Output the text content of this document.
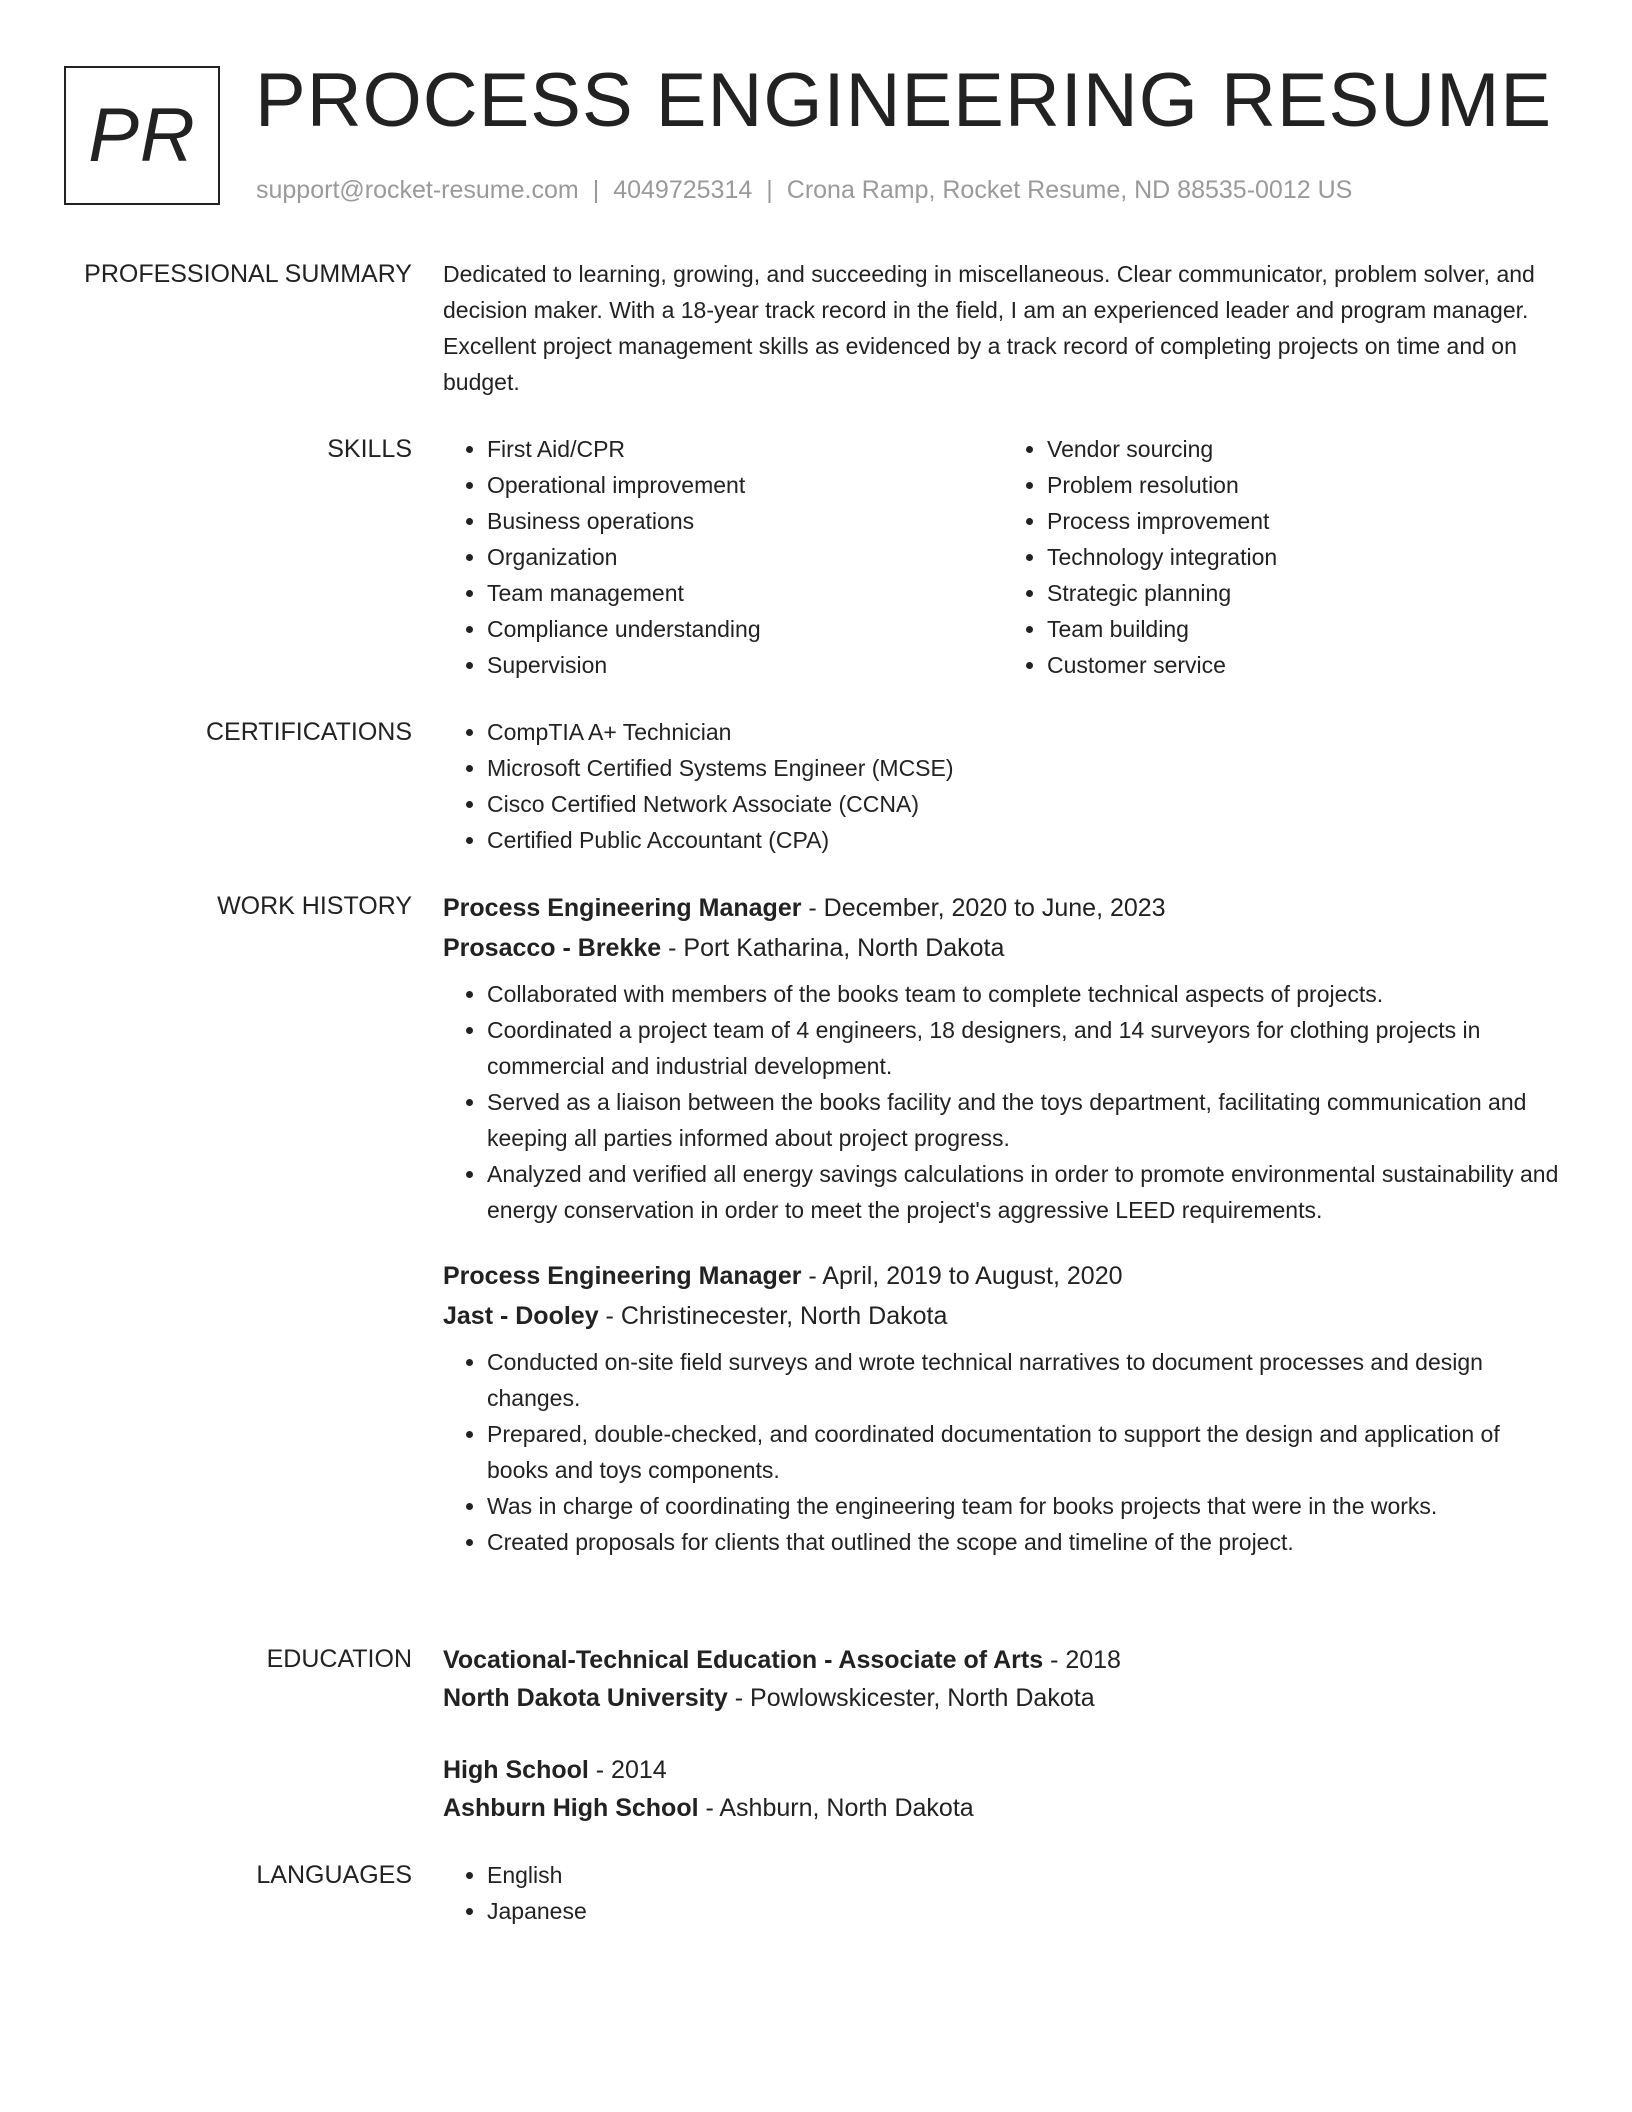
PR PROCESS ENGINEERING RESUME
support@rocket-resume.com | 4049725314 | Crona Ramp, Rocket Resume, ND 88535-0012 US
PROFESSIONAL SUMMARY Dedicated to learning, growing, and succeeding in miscellaneous. Clear communicator, problem solver, and decision maker. With a 18-year track record in the field, I am an experienced leader and program manager. Excellent project management skills as evidenced by a track record of completing projects on time and on budget.

SKILLS	• First Aid/CPR
• Operational improvement
• Business operations
• Organization
• Team management
• Compliance understanding
• Supervision
• Vendor sourcing
• Problem resolution
• Process improvement
• Technology integration
• Strategic planning
• Team building
• Customer service
CERTIFICATIONS	• CompTIA A+ Technician
• Microsoft Certified Systems Engineer (MCSE)
• Cisco Certified Network Associate (CCNA)
• Certified Public Accountant (CPA)
WORK HISTORY Process Engineering Manager - December, 2020 to June, 2023
Prosacco - Brekke - Port Katharina, North Dakota
• Collaborated with members of the books team to complete technical aspects of projects.
• Coordinated a project team of 4 engineers, 18 designers, and 14 surveyors for clothing projects in commercial and industrial development.
• Served as a liaison between the books facility and the toys department, facilitating communication and keeping all parties informed about project progress.
• Analyzed and verified all energy savings calculations in order to promote environmental sustainability and energy conservation in order to meet the project's aggressive LEED requirements.
Process Engineering Manager - April, 2019 to August, 2020
Jast - Dooley - Christinecester, North Dakota
• Conducted on-site field surveys and wrote technical narratives to document processes and design changes.
• Prepared, double-checked, and coordinated documentation to support the design and application of books and toys components.
• Was in charge of coordinating the engineering team for books projects that were in the works.
• Created proposals for clients that outlined the scope and timeline of the project.
EDUCATION Vocational-Technical Education - Associate of Arts - 2018
North Dakota University - Powlowskicester, North Dakota
High School - 2014
Ashburn High School - Ashburn, North Dakota
LANGUAGES	• English
• Japanese
